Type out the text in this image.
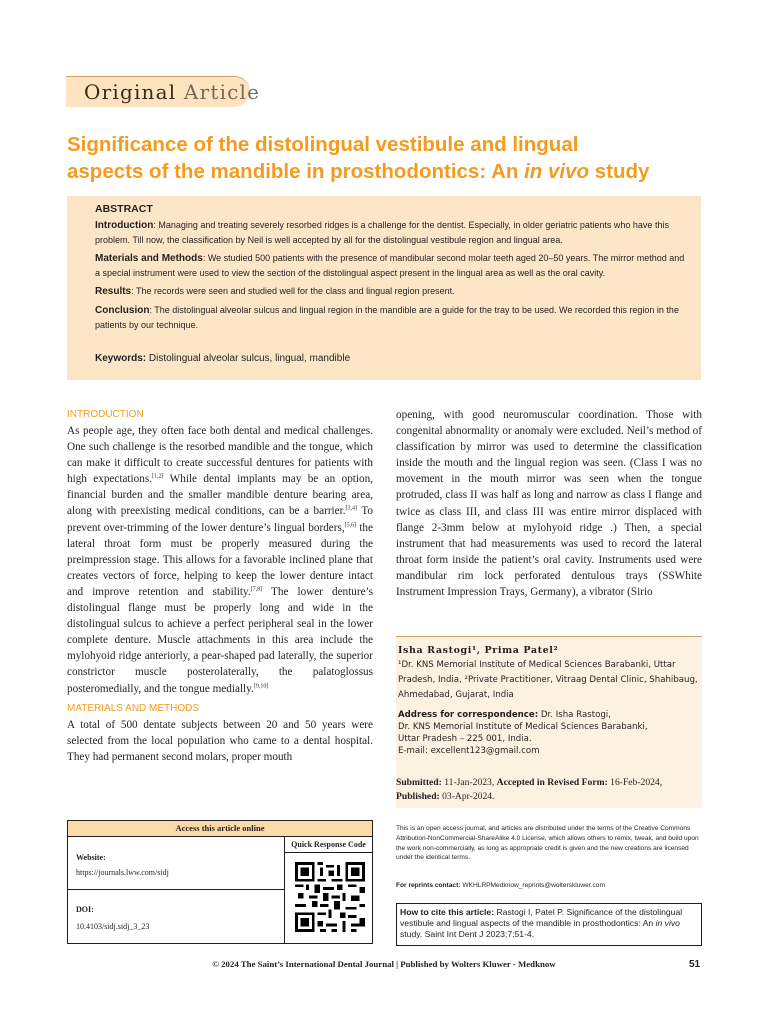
Original Article
Significance of the distolingual vestibule and lingual
aspects of the mandible in prosthodontics: An in vivo study
ABSTRACT

Introduction: Managing and treating severely resorbed ridges is a challenge for the dentist. Especially, in older geriatric patients who have this problem. Till now, the classification by Neil is well accepted by all for the distolingual vestibule region and lingual area.

Materials and Methods: We studied 500 patients with the presence of mandibular second molar teeth aged 20–50 years. The mirror method and a special instrument were used to view the section of the distolingual aspect present in the lingual area as well as the oral cavity.

Results: The records were seen and studied well for the class and lingual region present.

Conclusion: The distolingual alveolar sulcus and lingual region in the mandible are a guide for the tray to be used. We recorded this region in the patients by our technique.

Keywords: Distolingual alveolar sulcus, lingual, mandible

INTRODUCTION

As people age, they often face both dental and medical challenges. One such challenge is the resorbed mandible and the tongue, which can make it difficult to create successful dentures for patients with high expectations.[1,2] While dental implants may be an option, financial burden and the smaller mandible denture bearing area, along with preexisting medical conditions, can be a barrier.[3,4] To prevent over-trimming of the lower denture’s lingual borders,[5,6] the lateral throat form must be properly measured during the preimpression stage. This allows for a favorable inclined plane that creates vectors of force, helping to keep the lower denture intact and improve retention and stability.[7,8] The lower denture’s distolingual flange must be properly long and wide in the distolingual sulcus to achieve a perfect peripheral seal in the lower complete denture. Muscle attachments in this area include the mylohyoid ridge anteriorly, a pear-shaped pad laterally, the superior constrictor muscle posterolaterally, the palatoglossus posteromedially, and the tongue medially.[9,10]

MATERIALS AND METHODS

A total of 500 dentate subjects between 20 and 50 years were selected from the local population who came to a dental hospital. They had permanent second molars, proper mouth

opening, with good neuromuscular coordination. Those with congenital abnormality or anomaly were excluded. Neil’s method of classification by mirror was used to determine the classification inside the mouth and the lingual region was seen. (Class I was no movement in the mouth mirror was seen when the tongue protruded, class II was half as long and narrow as class I flange and twice as class III, and class III was entire mirror displaced with flange 2-3mm below at mylohyoid ridge .) Then, a special instrument that had measurements was used to record the lateral throat form inside the patient’s oral cavity. Instruments used were mandibular rim lock perforated dentulous trays (SSWhite Instrument Impression Trays, Germany), a vibrator (Sirio

Isha Rastogi¹, Prima Patel²
¹Dr. KNS Memorial Institute of Medical Sciences Barabanki, Uttar Pradesh, India, ²Private Practitioner, Vitraag Dental Clinic, Shahibaug, Ahmedabad, Gujarat, India
Address for correspondence: Dr. Isha Rastogi,
Dr. KNS Memorial Institute of Medical Sciences Barabanki,
Uttar Pradesh – 225 001, India.
E-mail: excellent123@gmail.com
Submitted: 11-Jan-2023, Accepted in Revised Form: 16-Feb-2024,
Published: 03-Apr-2024.
Access this article online
Quick Response Code
Website:
https://journals.lww.com/sidj
DOI:
10.4103/sidj.sidj_3_23

This is an open access journal, and articles are distributed under the terms of the Creative Commons Attribution-NonCommercial-ShareAlike 4.0 License, which allows others to remix, tweak, and build upon the work non-commercially, as long as appropriate credit is given and the new creations are licensed under the identical terms.

For reprints contact: WKHLRPMedknow_reprints@wolterskluwer.com

How to cite this article: Rastogi I, Patel P. Significance of the distolingual vestibule and lingual aspects of the mandible in prosthodontics: An in vivo study. Saint Int Dent J 2023;7:51-4.
© 2024 The Saint’s International Dental Journal | Published by Wolters Kluwer - Medknow	51
